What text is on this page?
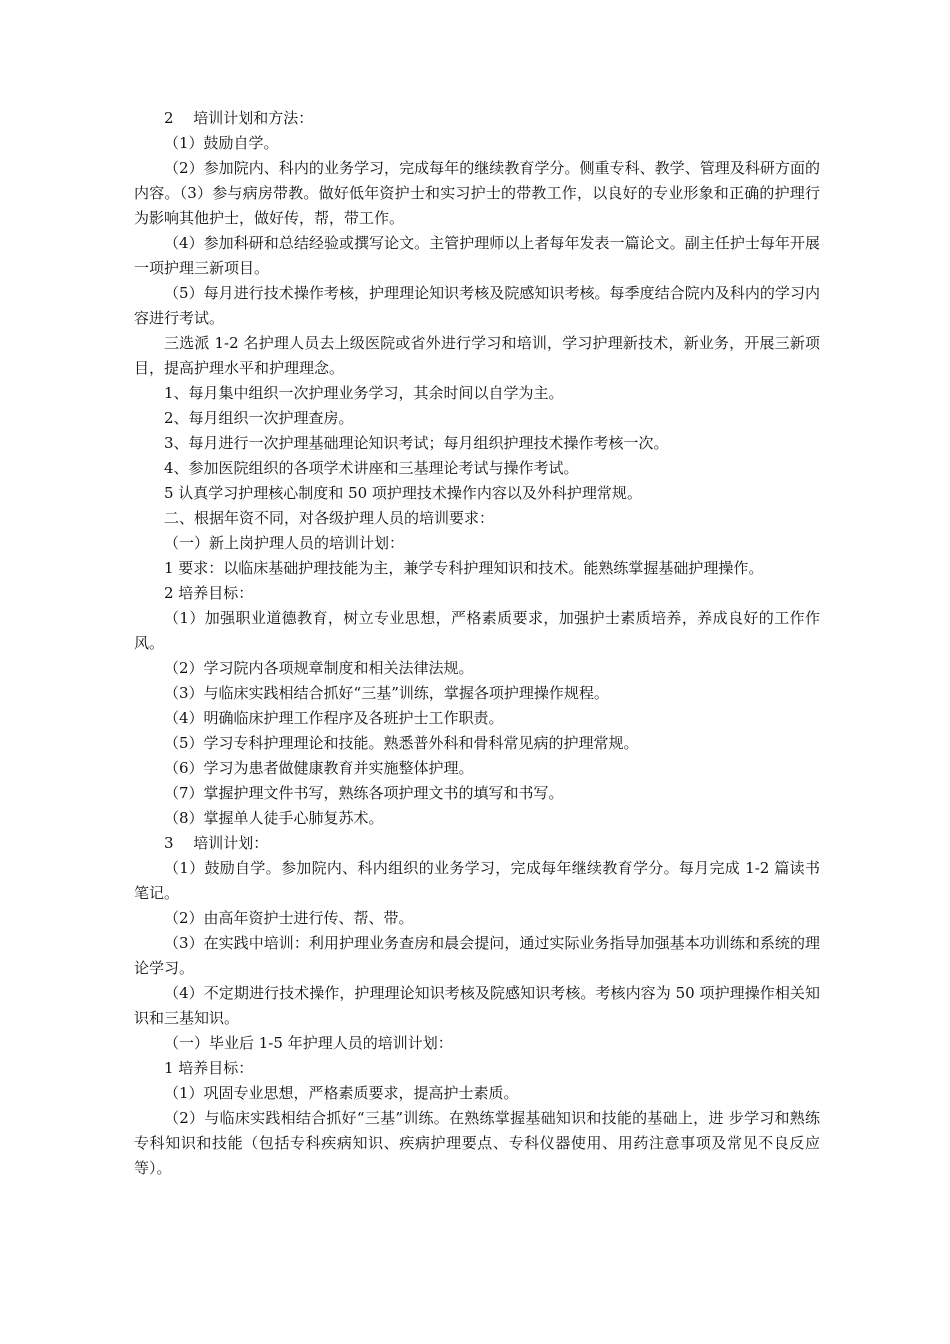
2　 培训计划和方法：

（1）鼓励自学。

（2）参加院内、科内的业务学习，完成每年的继续教育学分。侧重专科、教学、管理及科研方面的内容。（3）参与病房带教。做好低年资护士和实习护士的带教工作，以良好的专业形象和正确的护理行为影响其他护士，做好传，帮，带工作。

（4）参加科研和总结经验或撰写论文。主管护理师以上者每年发表一篇论文。副主任护士每年开展一项护理三新项目。

（5）每月进行技术操作考核，护理理论知识考核及院感知识考核。每季度结合院内及科内的学习内容进行考试。

三选派 1-2 名护理人员去上级医院或省外进行学习和培训，学习护理新技术，新业务，开展三新项目，提高护理水平和护理理念。

1、每月集中组织一次护理业务学习，其余时间以自学为主。

2、每月组织一次护理查房。

3、每月进行一次护理基础理论知识考试；每月组织护理技术操作考核一次。

4、参加医院组织的各项学术讲座和三基理论考试与操作考试。

5 认真学习护理核心制度和 50 项护理技术操作内容以及外科护理常规。

二、根据年资不同，对各级护理人员的培训要求：

（一）新上岗护理人员的培训计划：

1 要求：以临床基础护理技能为主，兼学专科护理知识和技术。能熟练掌握基础护理操作。

2 培养目标：

（1）加强职业道德教育，树立专业思想，严格素质要求，加强护士素质培养，养成良好的工作作风。

（2）学习院内各项规章制度和相关法律法规。

（3）与临床实践相结合抓好“三基”训练，掌握各项护理操作规程。

（4）明确临床护理工作程序及各班护士工作职责。

（5）学习专科护理理论和技能。熟悉普外科和骨科常见病的护理常规。

（6）学习为患者做健康教育并实施整体护理。

（7）掌握护理文件书写，熟练各项护理文书的填写和书写。

（8）掌握单人徒手心肺复苏术。

3　 培训计划：

（1）鼓励自学。参加院内、科内组织的业务学习，完成每年继续教育学分。每月完成 1-2 篇读书笔记。

（2）由高年资护士进行传、帮、带。

（3）在实践中培训：利用护理业务查房和晨会提问，通过实际业务指导加强基本功训练和系统的理论学习。

（4）不定期进行技术操作，护理理论知识考核及院感知识考核。考核内容为 50 项护理操作相关知识和三基知识。

（一）毕业后 1-5 年护理人员的培训计划：

1 培养目标：

（1）巩固专业思想，严格素质要求，提高护士素质。

（2）与临床实践相结合抓好“三基”训练。在熟练掌握基础知识和技能的基础上，进 步学习和熟练专科知识和技能（包括专科疾病知识、疾病护理要点、专科仪器使用、用药注意事项及常见不良反应等）。
